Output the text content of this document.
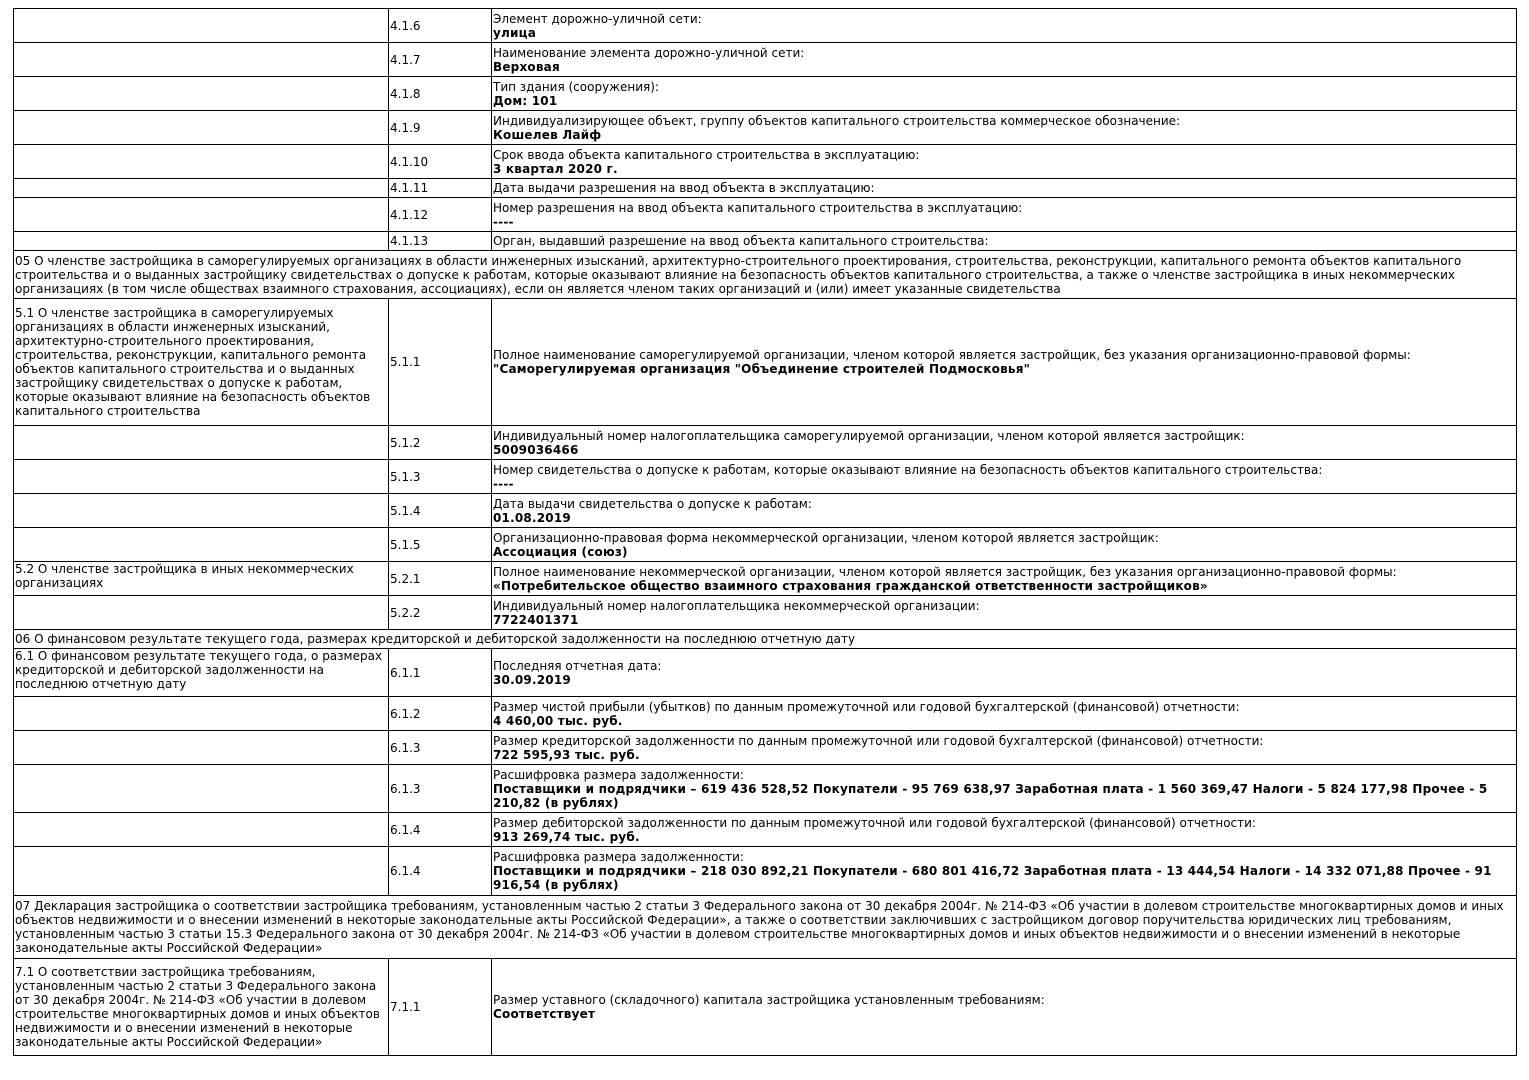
	4.1.6	Элемент дорожно-уличной сети:
улица

	4.1.7	Наименование элемента дорожно-уличной сети:
Верховая

	4.1.8	Тип здания (сооружения):
Дом: 101

	4.1.9	Индивидуализирующее объект, группу объектов капитального строительства коммерческое обозначение:
Кошелев Лайф

	4.1.10	Срок ввода объекта капитального строительства в эксплуатацию:
3 квартал 2020 г.

	4.1.11	Дата выдачи разрешения на ввод объекта в эксплуатацию:

	4.1.12	Номер разрешения на ввод объекта капитального строительства в эксплуатацию:
----

	4.1.13	Орган, выдавший разрешение на ввод объекта капитального строительства:

05 О членстве застройщика в саморегулируемых организациях в области инженерных изысканий, архитектурно-строительного проектирования, строительства, реконструкции, капитального ремонта объектов капитального строительства и о выданных застройщику свидетельствах о допуске к работам, которые оказывают влияние на безопасность объектов капитального строительства, а также о членстве застройщика в иных некоммерческих организациях (в том числе обществах взаимного страхования, ассоциациях), если он является членом таких организаций и (или) имеет указанные свидетельства		
5.1 О членстве застройщика в саморегулируемых организациях в области инженерных изысканий, архитектурно-строительного проектирования, строительства, реконструкции, капитального ремонта объектов капитального строительства и о выданных застройщику свидетельствах о допуске к работам, которые оказывают влияние на безопасность объектов капитального строительства	5.1.1	Полное наименование саморегулируемой организации, членом которой является застройщик, без указания организационно-правовой формы:
"Саморегулируемая организация "Объединение строителей Подмосковья"

	5.1.2	Индивидуальный номер налогоплательщика саморегулируемой организации, членом которой является застройщик:
5009036466

	5.1.3	Номер свидетельства о допуске к работам, которые оказывают влияние на безопасность объектов капитального строительства:
----

	5.1.4	Дата выдачи свидетельства о допуске к работам:
01.08.2019

	5.1.5	Организационно-правовая форма некоммерческой организации, членом которой является застройщик:
Ассоциация (союз)

5.2 О членстве застройщика в иных некоммерческих организациях	5.2.1	Полное наименование некоммерческой организации, членом которой является застройщик, без указания организационно-правовой формы:
«Потребительское общество взаимного страхования гражданской ответственности застройщиков»

	5.2.2	Индивидуальный номер налогоплательщика некоммерческой организации:
7722401371

06 О финансовом результате текущего года, размерах кредиторской и дебиторской задолженности на последнюю отчетную дату		
6.1 О финансовом результате текущего года, о размерах кредиторской и дебиторской задолженности на последнюю отчетную дату	6.1.1	Последняя отчетная дата:
30.09.2019

	6.1.2	Размер чистой прибыли (убытков) по данным промежуточной или годовой бухгалтерской (финансовой) отчетности:
4 460,00 тыс. руб.

	6.1.3	Размер кредиторской задолженности по данным промежуточной или годовой бухгалтерской (финансовой) отчетности:
722 595,93 тыс. руб.

	6.1.3	Расшифровка размера задолженности:
Поставщики и подрядчики – 619 436 528,52 Покупатели - 95 769 638,97 Заработная плата - 1 560 369,47 Налоги - 5 824 177,98 Прочее - 5 210,82 (в рублях)

	6.1.4	Размер дебиторской задолженности по данным промежуточной или годовой бухгалтерской (финансовой) отчетности:
913 269,74 тыс. руб.

	6.1.4	Расшифровка размера задолженности:
Поставщики и подрядчики – 218 030 892,21 Покупатели - 680 801 416,72 Заработная плата - 13 444,54 Налоги - 14 332 071,88 Прочее - 91 916,54 (в рублях)

07 Декларация застройщика о соответствии застройщика требованиям, установленным частью 2 статьи 3 Федерального закона от 30 декабря 2004г. № 214-ФЗ «Об участии в долевом строительстве многоквартирных домов и иных объектов недвижимости и о внесении изменений в некоторые законодательные акты Российской Федерации», а также о соответствии заключивших с застройщиком договор поручительства юридических лиц требованиям, установленным частью 3 статьи 15.3 Федерального закона от 30 декабря 2004г. № 214-ФЗ «Об участии в долевом строительстве многоквартирных домов и иных объектов недвижимости и о внесении изменений в некоторые законодательные акты Российской Федерации»		
7.1 О соответствии застройщика требованиям, установленным частью 2 статьи 3 Федерального закона от 30 декабря 2004г. № 214-ФЗ «Об участии в долевом строительстве многоквартирных домов и иных объектов недвижимости и о внесении изменений в некоторые законодательные акты Российской Федерации»	7.1.1	Размер уставного (складочного) капитала застройщика установленным требованиям:
Соответствует
